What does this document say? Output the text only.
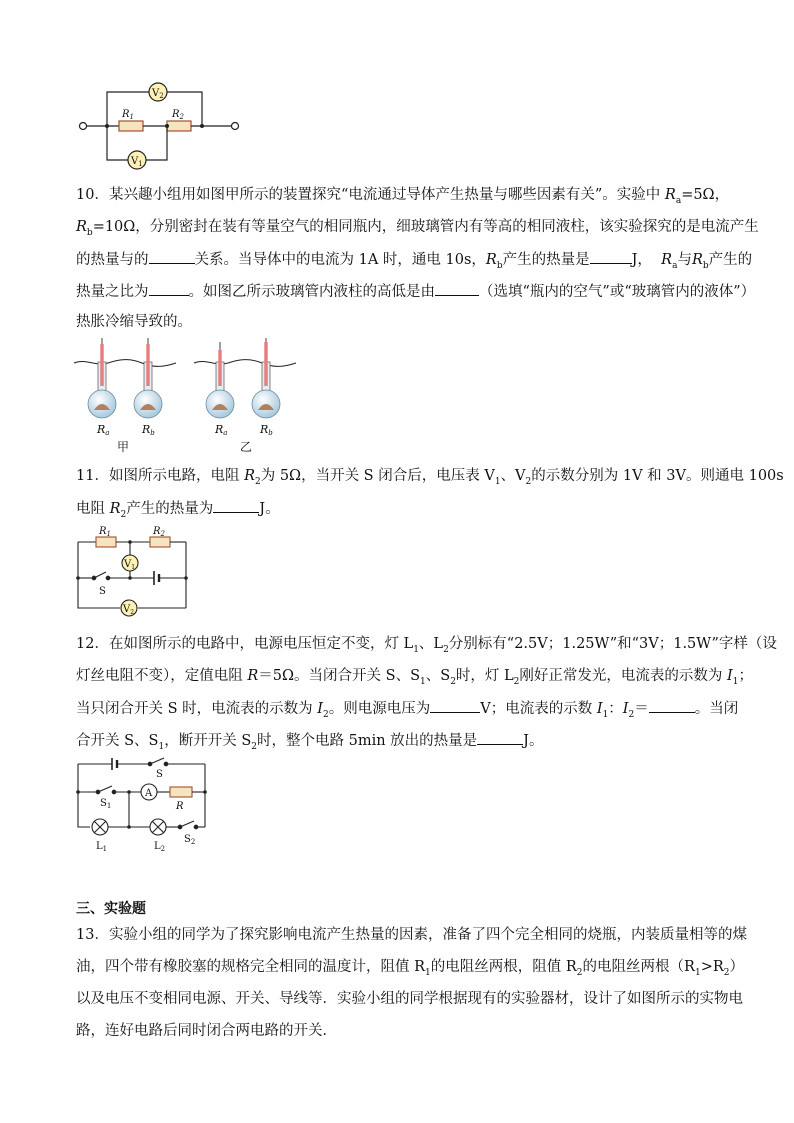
$V_2$
$R_1$	$R_2$
$V_1$
10．某兴趣小组用如图甲所示的装置探究“电流通过导体产生热量与哪些因素有关”。实验中 $R_a=5\Omega$，
$R_b=10\Omega$，分别密封在装有等量空气的相同瓶内，细玻璃管内有等高的相同液柱，该实验探究的是电流产生
的热量与的	关系。当导体中的电流为 1A 时，通电 10s，$R_b$产生的热量是	J， $R_a$与$R_b$产生的
热量之比为	。如图乙所示玻璃管内液柱的高低是由	（选填“瓶内的空气”或“玻璃管内的液体”）
热胀冷缩导致的。
Ra	Rb	Ra	Rb
甲	乙
11．如图所示电路，电阻 $R_2$为 5Ω，当开关 S 闭合后，电压表 $V_1$、$V_2$的示数分别为 1V 和 3V。则通电 100s
电阻 $R_2$产生的热量为	J。
$R_1$	$R_2$
$V_1$
S
$V_2$
12．在如图所示的电路中，电源电压恒定不变，灯 $L_1$、$L_2$分别标有“2.5V；1.25W”和“3V；1.5W”字样（设
灯丝电阻不变），定值电阻 R＝5Ω。当闭合开关 S、$S_1$、$S_2$时，灯 $L_2$刚好正常发光，电流表的示数为 $I_1$；
当只闭合开关 S 时，电流表的示数为 $I_2$。则电源电压为	V；电流表的示数 $I_1$：$I_2=$	。当闭
合开关 S、$S_1$，断开开关 $S_2$时，整个电路 5min 放出的热量是	J。
S
$S_1$
A
R
$L_1$	$L_2$
$S_2$
三、实验题
13．实验小组的同学为了探究影响电流产生热量的因素，准备了四个完全相同的烧瓶，内装质量相等的煤
油，四个带有橡胶塞的规格完全相同的温度计，阻值 $R_1$的电阻丝两根，阻值 $R_2$的电阻丝两根$(R_1>R_2)$
以及电压不变相同电源、开关、导线等．实验小组的同学根据现有的实验器材，设计了如图所示的实物电
路，连好电路后同时闭合两电路的开关．
